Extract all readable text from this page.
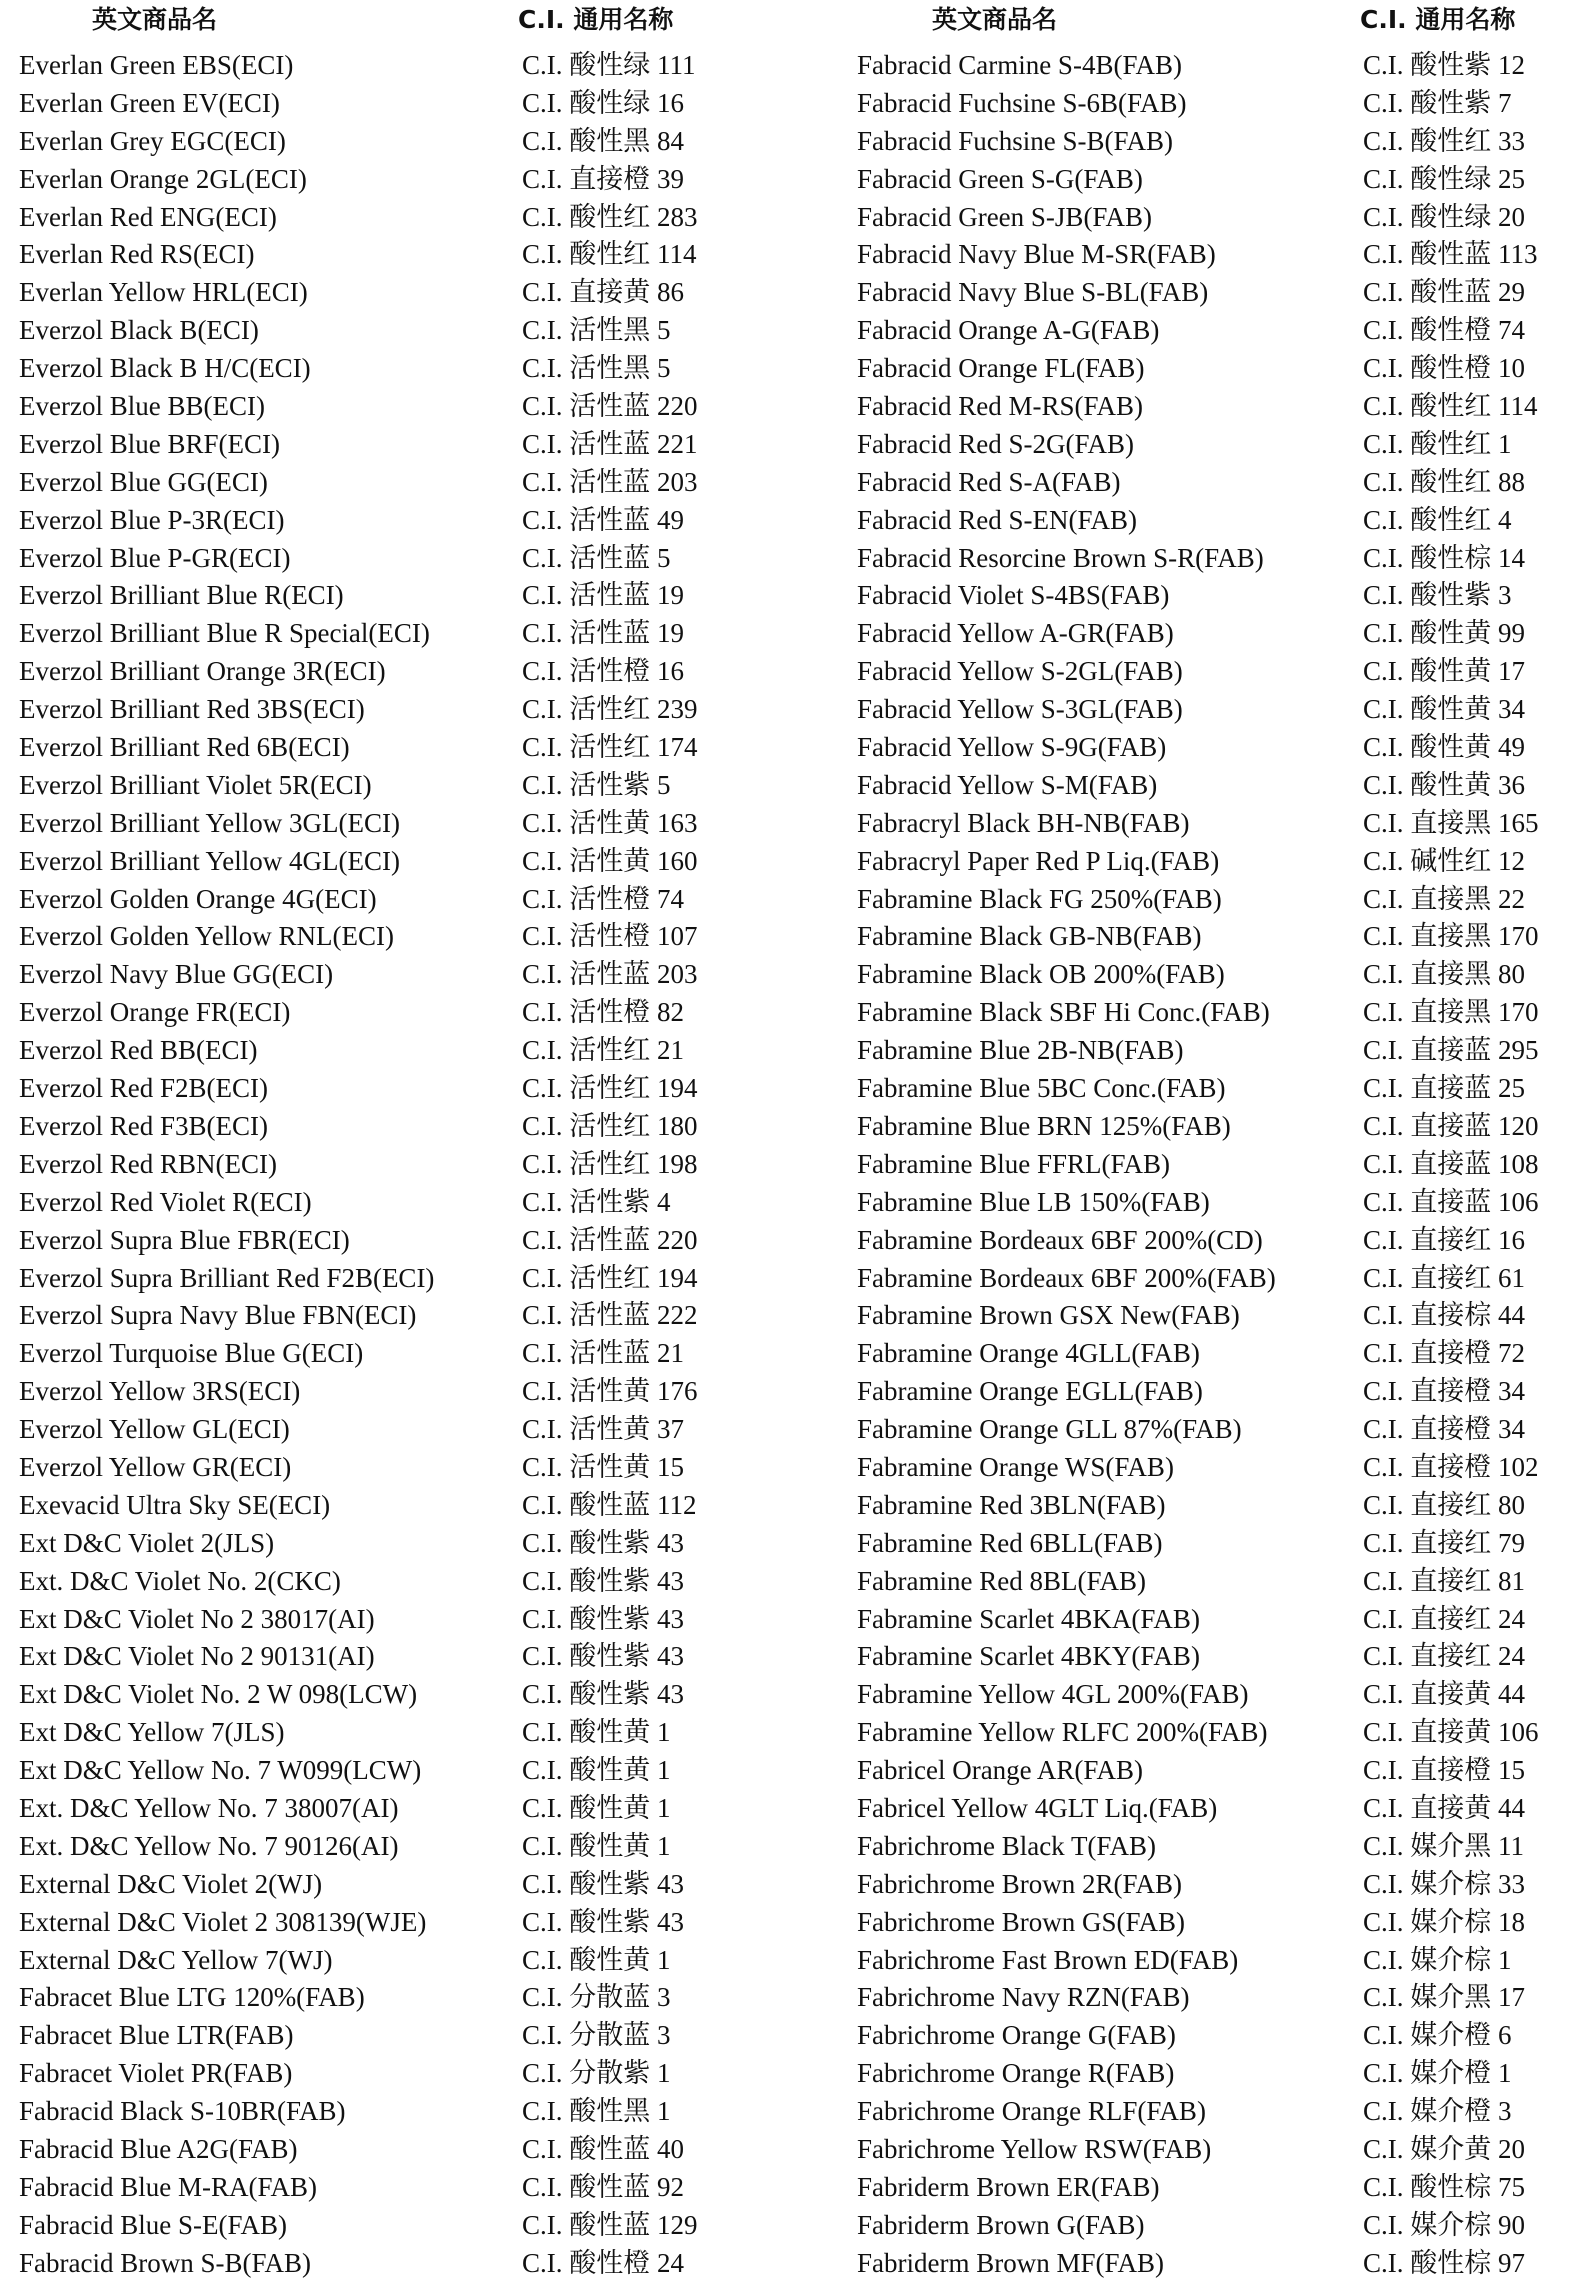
英文商品名	C.I. 通用名称
Everlan Green EBS(ECI)	C.I. 酸性绿 111
Everlan Green EV(ECI)	C.I. 酸性绿 16
Everlan Grey EGC(ECI)	C.I. 酸性黑 84
Everlan Orange 2GL(ECI)	C.I. 直接橙 39
Everlan Red ENG(ECI)	C.I. 酸性红 283
Everlan Red RS(ECI)	C.I. 酸性红 114
Everlan Yellow HRL(ECI)	C.I. 直接黄 86
Everzol Black B(ECI)	C.I. 活性黑 5
Everzol Black B H/C(ECI)	C.I. 活性黑 5
Everzol Blue BB(ECI)	C.I. 活性蓝 220
Everzol Blue BRF(ECI)	C.I. 活性蓝 221
Everzol Blue GG(ECI)	C.I. 活性蓝 203
Everzol Blue P-3R(ECI)	C.I. 活性蓝 49
Everzol Blue P-GR(ECI)	C.I. 活性蓝 5
Everzol Brilliant Blue R(ECI)	C.I. 活性蓝 19
Everzol Brilliant Blue R Special(ECI)	C.I. 活性蓝 19
Everzol Brilliant Orange 3R(ECI)	C.I. 活性橙 16
Everzol Brilliant Red 3BS(ECI)	C.I. 活性红 239
Everzol Brilliant Red 6B(ECI)	C.I. 活性红 174
Everzol Brilliant Violet 5R(ECI)	C.I. 活性紫 5
Everzol Brilliant Yellow 3GL(ECI)	C.I. 活性黄 163
Everzol Brilliant Yellow 4GL(ECI)	C.I. 活性黄 160
Everzol Golden Orange 4G(ECI)	C.I. 活性橙 74
Everzol Golden Yellow RNL(ECI)	C.I. 活性橙 107
Everzol Navy Blue GG(ECI)	C.I. 活性蓝 203
Everzol Orange FR(ECI)	C.I. 活性橙 82
Everzol Red BB(ECI)	C.I. 活性红 21
Everzol Red F2B(ECI)	C.I. 活性红 194
Everzol Red F3B(ECI)	C.I. 活性红 180
Everzol Red RBN(ECI)	C.I. 活性红 198
Everzol Red Violet R(ECI)	C.I. 活性紫 4
Everzol Supra Blue FBR(ECI)	C.I. 活性蓝 220
Everzol Supra Brilliant Red F2B(ECI)	C.I. 活性红 194
Everzol Supra Navy Blue FBN(ECI)	C.I. 活性蓝 222
Everzol Turquoise Blue G(ECI)	C.I. 活性蓝 21
Everzol Yellow 3RS(ECI)	C.I. 活性黄 176
Everzol Yellow GL(ECI)	C.I. 活性黄 37
Everzol Yellow GR(ECI)	C.I. 活性黄 15
Exevacid Ultra Sky SE(ECI)	C.I. 酸性蓝 112
Ext D&C Violet 2(JLS)	C.I. 酸性紫 43
Ext. D&C Violet No. 2(CKC)	C.I. 酸性紫 43
Ext D&C Violet No 2 38017(AI)	C.I. 酸性紫 43
Ext D&C Violet No 2 90131(AI)	C.I. 酸性紫 43
Ext D&C Violet No. 2 W 098(LCW)	C.I. 酸性紫 43
Ext D&C Yellow 7(JLS)	C.I. 酸性黄 1
Ext D&C Yellow No. 7 W099(LCW)	C.I. 酸性黄 1
Ext. D&C Yellow No. 7 38007(AI)	C.I. 酸性黄 1
Ext. D&C Yellow No. 7 90126(AI)	C.I. 酸性黄 1
External D&C Violet 2(WJ)	C.I. 酸性紫 43
External D&C Violet 2 308139(WJE)	C.I. 酸性紫 43
External D&C Yellow 7(WJ)	C.I. 酸性黄 1
Fabracet Blue LTG 120%(FAB)	C.I. 分散蓝 3
Fabracet Blue LTR(FAB)	C.I. 分散蓝 3
Fabracet Violet PR(FAB)	C.I. 分散紫 1
Fabracid Black S-10BR(FAB)	C.I. 酸性黑 1
Fabracid Blue A2G(FAB)	C.I. 酸性蓝 40
Fabracid Blue M-RA(FAB)	C.I. 酸性蓝 92
Fabracid Blue S-E(FAB)	C.I. 酸性蓝 129
Fabracid Brown S-B(FAB)	C.I. 酸性橙 24
英文商品名	C.I. 通用名称
Fabracid Carmine S-4B(FAB)	C.I. 酸性紫 12
Fabracid Fuchsine S-6B(FAB)	C.I. 酸性紫 7
Fabracid Fuchsine S-B(FAB)	C.I. 酸性红 33
Fabracid Green S-G(FAB)	C.I. 酸性绿 25
Fabracid Green S-JB(FAB)	C.I. 酸性绿 20
Fabracid Navy Blue M-SR(FAB)	C.I. 酸性蓝 113
Fabracid Navy Blue S-BL(FAB)	C.I. 酸性蓝 29
Fabracid Orange A-G(FAB)	C.I. 酸性橙 74
Fabracid Orange FL(FAB)	C.I. 酸性橙 10
Fabracid Red M-RS(FAB)	C.I. 酸性红 114
Fabracid Red S-2G(FAB)	C.I. 酸性红 1
Fabracid Red S-A(FAB)	C.I. 酸性红 88
Fabracid Red S-EN(FAB)	C.I. 酸性红 4
Fabracid Resorcine Brown S-R(FAB)	C.I. 酸性棕 14
Fabracid Violet S-4BS(FAB)	C.I. 酸性紫 3
Fabracid Yellow A-GR(FAB)	C.I. 酸性黄 99
Fabracid Yellow S-2GL(FAB)	C.I. 酸性黄 17
Fabracid Yellow S-3GL(FAB)	C.I. 酸性黄 34
Fabracid Yellow S-9G(FAB)	C.I. 酸性黄 49
Fabracid Yellow S-M(FAB)	C.I. 酸性黄 36
Fabracryl Black BH-NB(FAB)	C.I. 直接黑 165
Fabracryl Paper Red P Liq.(FAB)	C.I. 碱性红 12
Fabramine Black FG 250%(FAB)	C.I. 直接黑 22
Fabramine Black GB-NB(FAB)	C.I. 直接黑 170
Fabramine Black OB 200%(FAB)	C.I. 直接黑 80
Fabramine Black SBF Hi Conc.(FAB)	C.I. 直接黑 170
Fabramine Blue 2B-NB(FAB)	C.I. 直接蓝 295
Fabramine Blue 5BC Conc.(FAB)	C.I. 直接蓝 25
Fabramine Blue BRN 125%(FAB)	C.I. 直接蓝 120
Fabramine Blue FFRL(FAB)	C.I. 直接蓝 108
Fabramine Blue LB 150%(FAB)	C.I. 直接蓝 106
Fabramine Bordeaux 6BF 200%(CD)	C.I. 直接红 16
Fabramine Bordeaux 6BF 200%(FAB)	C.I. 直接红 61
Fabramine Brown GSX New(FAB)	C.I. 直接棕 44
Fabramine Orange 4GLL(FAB)	C.I. 直接橙 72
Fabramine Orange EGLL(FAB)	C.I. 直接橙 34
Fabramine Orange GLL 87%(FAB)	C.I. 直接橙 34
Fabramine Orange WS(FAB)	C.I. 直接橙 102
Fabramine Red 3BLN(FAB)	C.I. 直接红 80
Fabramine Red 6BLL(FAB)	C.I. 直接红 79
Fabramine Red 8BL(FAB)	C.I. 直接红 81
Fabramine Scarlet 4BKA(FAB)	C.I. 直接红 24
Fabramine Scarlet 4BKY(FAB)	C.I. 直接红 24
Fabramine Yellow 4GL 200%(FAB)	C.I. 直接黄 44
Fabramine Yellow RLFC 200%(FAB)	C.I. 直接黄 106
Fabricel Orange AR(FAB)	C.I. 直接橙 15
Fabricel Yellow 4GLT Liq.(FAB)	C.I. 直接黄 44
Fabrichrome Black T(FAB)	C.I. 媒介黑 11
Fabrichrome Brown 2R(FAB)	C.I. 媒介棕 33
Fabrichrome Brown GS(FAB)	C.I. 媒介棕 18
Fabrichrome Fast Brown ED(FAB)	C.I. 媒介棕 1
Fabrichrome Navy RZN(FAB)	C.I. 媒介黑 17
Fabrichrome Orange G(FAB)	C.I. 媒介橙 6
Fabrichrome Orange R(FAB)	C.I. 媒介橙 1
Fabrichrome Orange RLF(FAB)	C.I. 媒介橙 3
Fabrichrome Yellow RSW(FAB)	C.I. 媒介黄 20
Fabriderm Brown ER(FAB)	C.I. 酸性棕 75
Fabriderm Brown G(FAB)	C.I. 媒介棕 90
Fabriderm Brown MF(FAB)	C.I. 酸性棕 97
